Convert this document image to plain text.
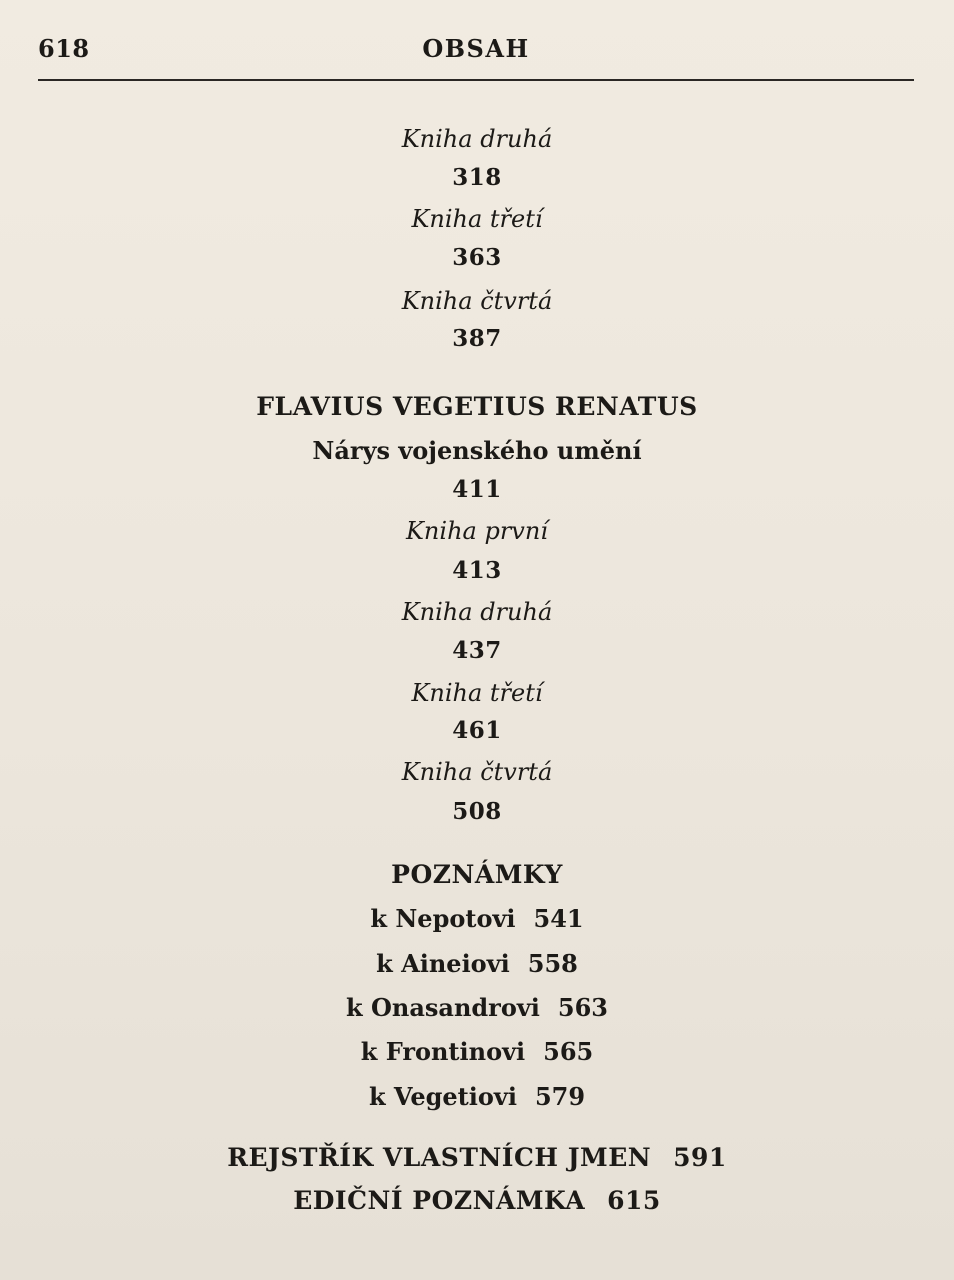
618	OBSAH
Kniha druhá
318
Kniha třetí
363
Kniha čtvrtá
387
FLAVIUS VEGETIUS RENATUS
Nárys vojenského umění
411
Kniha první
413
Kniha druhá
437
Kniha třetí
461
Kniha čtvrtá
508
POZNÁMKY
k Nepotovi 541
k Aineiovi 558
k Onasandrovi 563
k Frontinovi 565
k Vegetiovi 579
REJSTŘÍK VLASTNÍCH JMEN 591
EDIČNÍ POZNÁMKA 615
